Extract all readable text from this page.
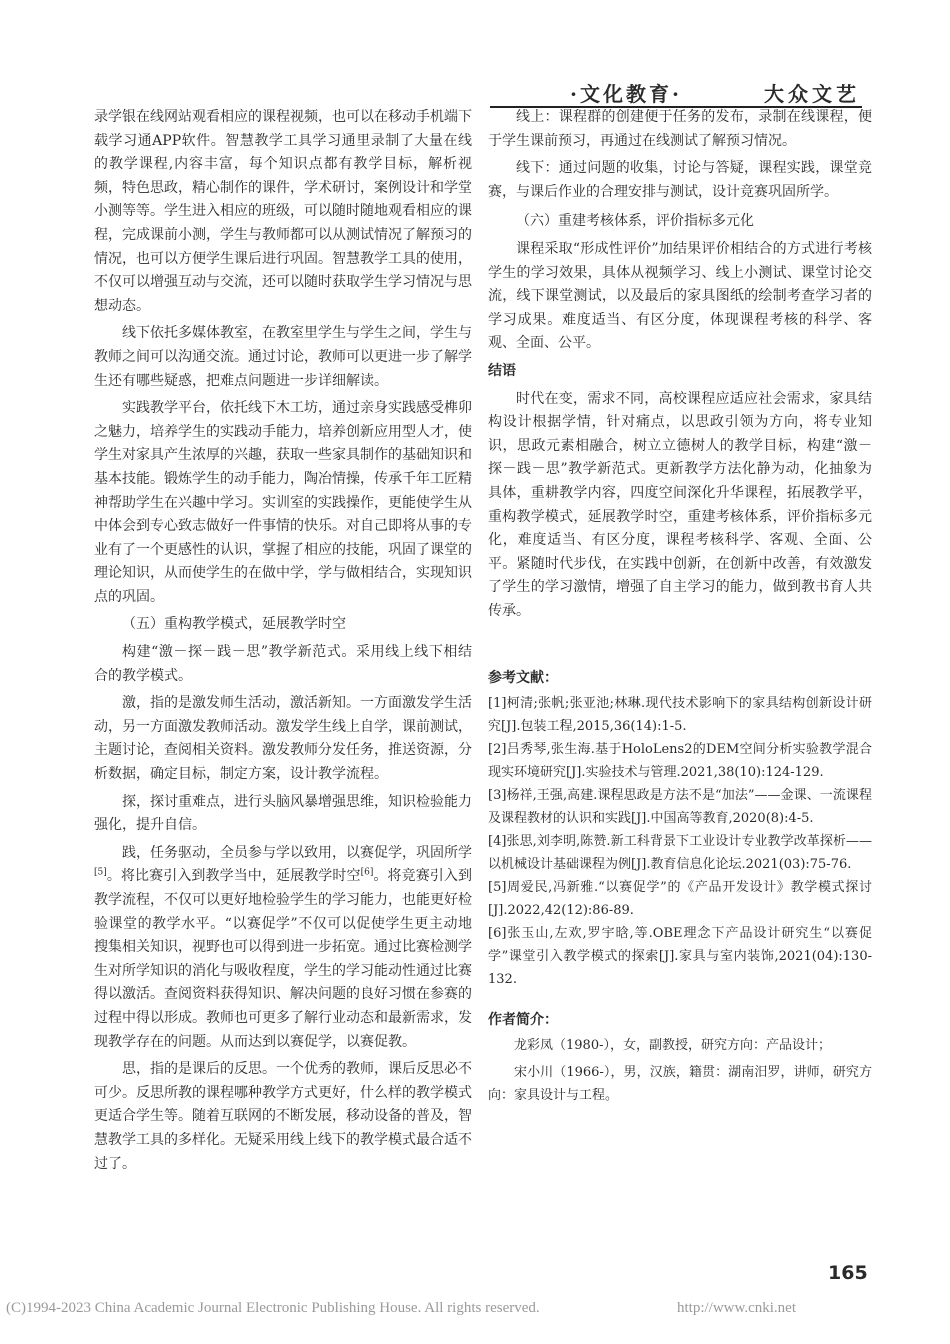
·文化教育·	大众文艺

录学银在线网站观看相应的课程视频，也可以在移动手机端下载学习通APP软件。智慧教学工具学习通里录制了大量在线的教学课程,内容丰富，每个知识点都有教学目标，解析视频，特色思政，精心制作的课件，学术研讨，案例设计和学堂小测等等。学生进入相应的班级，可以随时随地观看相应的课程，完成课前小测，学生与教师都可以从测试情况了解预习的情况，也可以方便学生课后进行巩固。智慧教学工具的使用，不仅可以增强互动与交流，还可以随时获取学生学习情况与思想动态。

线下依托多媒体教室，在教室里学生与学生之间，学生与教师之间可以沟通交流。通过讨论，教师可以更进一步了解学生还有哪些疑惑，把难点问题进一步详细解读。

实践教学平台，依托线下木工坊，通过亲身实践感受榫卯之魅力，培养学生的实践动手能力，培养创新应用型人才，使学生对家具产生浓厚的兴趣，获取一些家具制作的基础知识和基本技能。锻炼学生的动手能力，陶冶情操，传承千年工匠精神帮助学生在兴趣中学习。实训室的实践操作，更能使学生从中体会到专心致志做好一件事情的快乐。对自己即将从事的专业有了一个更感性的认识，掌握了相应的技能，巩固了课堂的理论知识，从而使学生的在做中学，学与做相结合，实现知识点的巩固。

（五）重构教学模式，延展教学时空

构建“激－探－践－思”教学新范式。采用线上线下相结合的教学模式。

激，指的是激发师生活动，激活新知。一方面激发学生活动，另一方面激发教师活动。激发学生线上自学，课前测试，主题讨论，查阅相关资料。激发教师分发任务，推送资源，分析数据，确定目标，制定方案，设计教学流程。

探，探讨重难点，进行头脑风暴增强思维，知识检验能力强化，提升自信。

践，任务驱动，全员参与学以致用，以赛促学，巩固所学[5]。将比赛引入到教学当中，延展教学时空[6]。将竞赛引入到教学流程，不仅可以更好地检验学生的学习能力，也能更好检验课堂的教学水平。“以赛促学”不仅可以促使学生更主动地搜集相关知识，视野也可以得到进一步拓宽。通过比赛检测学生对所学知识的消化与吸收程度，学生的学习能动性通过比赛得以激活。查阅资料获得知识、解决问题的良好习惯在参赛的过程中得以形成。教师也可更多了解行业动态和最新需求，发现教学存在的问题。从而达到以赛促学，以赛促教。

思，指的是课后的反思。一个优秀的教师，课后反思必不可少。反思所教的课程哪种教学方式更好，什么样的教学模式更适合学生等。随着互联网的不断发展，移动设备的普及，智慧教学工具的多样化。无疑采用线上线下的教学模式最合适不过了。

线上：课程群的创建便于任务的发布，录制在线课程，便于学生课前预习，再通过在线测试了解预习情况。

线下：通过问题的收集，讨论与答疑，课程实践，课堂竞赛，与课后作业的合理安排与测试，设计竞赛巩固所学。

（六）重建考核体系，评价指标多元化

课程采取“形成性评价”加结果评价相结合的方式进行考核学生的学习效果，具体从视频学习、线上小测试、课堂讨论交流，线下课堂测试，以及最后的家具图纸的绘制考查学习者的学习成果。难度适当、有区分度，体现课程考核的科学、客观、全面、公平。

结语

时代在变，需求不同，高校课程应适应社会需求，家具结构设计根据学情，针对痛点，以思政引领为方向，将专业知识，思政元素相融合，树立立德树人的教学目标，构建“激－探－践－思”教学新范式。更新教学方法化静为动，化抽象为具体，重耕教学内容，四度空间深化升华课程，拓展教学平，重构教学模式，延展教学时空，重建考核体系，评价指标多元化，难度适当、有区分度，课程考核科学、客观、全面、公平。紧随时代步伐，在实践中创新，在创新中改善，有效激发了学生的学习激情，增强了自主学习的能力，做到教书育人共传承。

参考文献：

[1]柯清;张帆;张亚池;林琳.现代技术影响下的家具结构创新设计研究[J].包装工程,2015,36(14):1-5.

[2]吕秀琴,张生海.基于HoloLens2的DEM空间分析实验教学混合现实环境研究[J].实验技术与管理.2021,38(10):124-129.

[3]杨祥,王强,高建.课程思政是方法不是“加法”——金课、一流课程及课程教材的认识和实践[J].中国高等教育,2020(8):4-5.

[4]张思,刘李明,陈赞.新工科背景下工业设计专业教学改革探析——以机械设计基础课程为例[J].教育信息化论坛.2021(03):75-76.

[5]周爱民,冯新雅.“以赛促学”的《产品开发设计》教学模式探讨[J].2022,42(12):86-89.

[6]张玉山,左欢,罗宇晗,等.OBE理念下产品设计研究生“以赛促学”课堂引入教学模式的探索[J].家具与室内装饰,2021(04):130-132.

作者简介：

龙彩凤（1980-），女，副教授，研究方向：产品设计；

宋小川（1966-），男，汉族，籍贯：湖南汨罗，讲师，研究方向：家具设计与工程。

165
(C)1994-2023 China Academic Journal Electronic Publishing House. All rights reserved.	http://www.cnki.net
